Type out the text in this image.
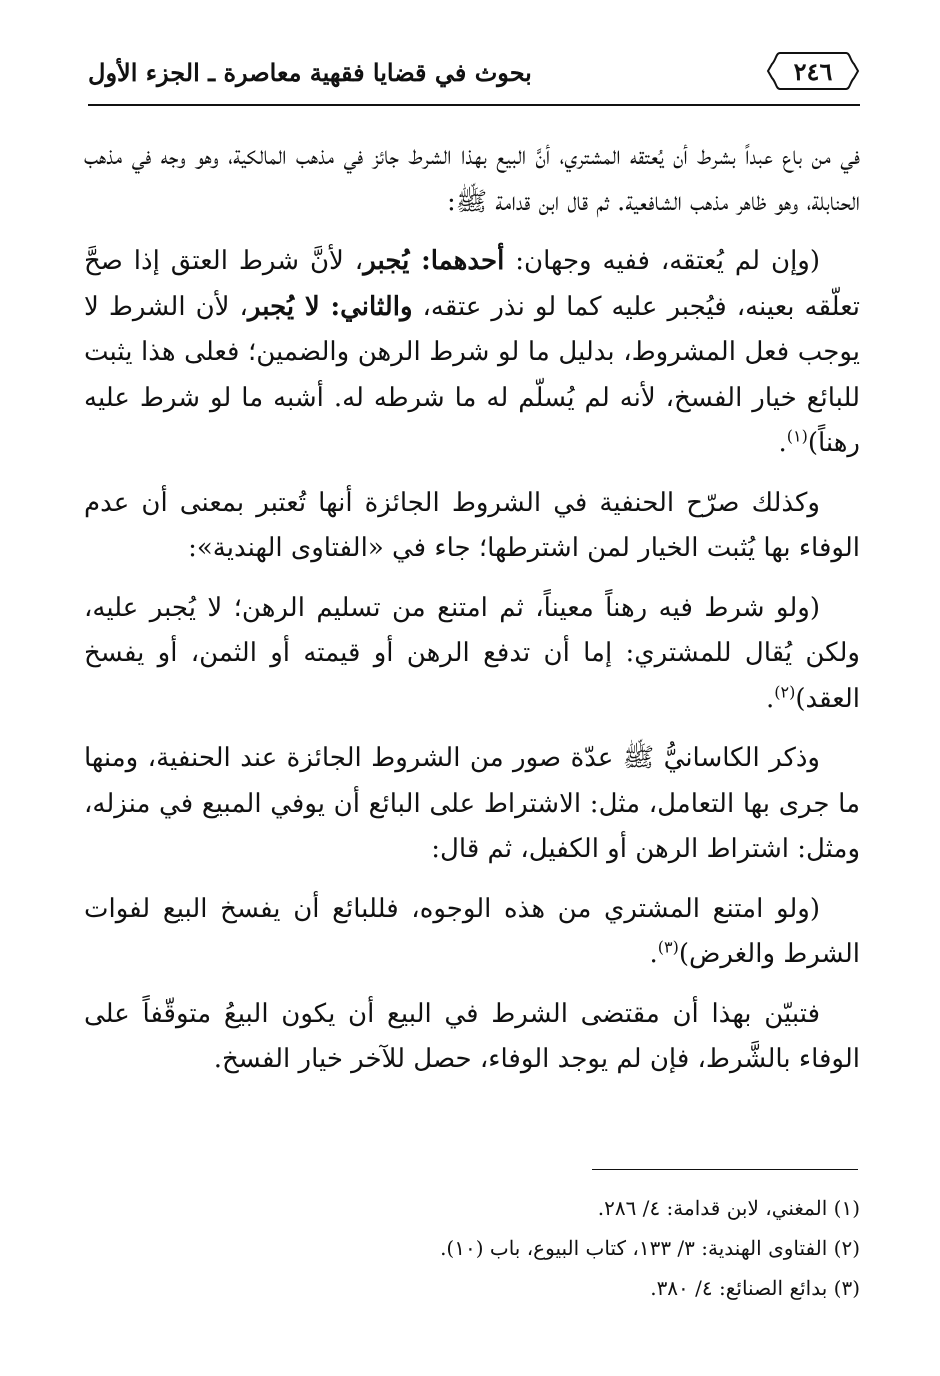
بحوث في قضايا فقهية معاصرة ـ الجزء الأول	٢٤٦

في من باع عبداً بشرط أن يُعتقه المشتري، أنَّ البيع بهذا الشرط جائز في مذهب المالكية، وهو وجه في مذهب الحنابلة، وهو ظاهر مذهب الشافعية. ثم قال ابن قدامة ﷺ:

(وإن لم يُعتقه، ففيه وجهان: أحدهما: يُجبر، لأنَّ شرط العتق إذا صحَّ تعلّقه بعينه، فيُجبر عليه كما لو نذر عتقه، والثاني: لا يُجبر، لأن الشرط لا يوجب فعل المشروط، بدليل ما لو شرط الرهن والضمين؛ فعلى هذا يثبت للبائع خيار الفسخ، لأنه لم يُسلّم له ما شرطه له. أشبه ما لو شرط عليه رهناً)$^{(١)}$.

وكذلك صرّح الحنفية في الشروط الجائزة أنها تُعتبر بمعنى أن عدم الوفاء بها يُثبت الخيار لمن اشترطها؛ جاء في «الفتاوى الهندية»:

(ولو شرط فيه رهناً معيناً، ثم امتنع من تسليم الرهن؛ لا يُجبر عليه، ولكن يُقال للمشتري: إما أن تدفع الرهن أو قيمته أو الثمن، أو يفسخ العقد)$^{(٢)}$.

وذكر الكاسانيُّ ﷺ عدّة صور من الشروط الجائزة عند الحنفية، ومنها ما جرى بها التعامل، مثل: الاشتراط على البائع أن يوفي المبيع في منزله، ومثل: اشتراط الرهن أو الكفيل، ثم قال:

(ولو امتنع المشتري من هذه الوجوه، فللبائع أن يفسخ البيع لفوات الشرط والغرض)$^{(٣)}$.

فتبيّن بهذا أن مقتضى الشرط في البيع أن يكون البيعُ متوقّفاً على الوفاء بالشَّرط، فإن لم يوجد الوفاء، حصل للآخر خيار الفسخ.

(١) المغني، لابن قدامة: ٤/ ٢٨٦.

(٢) الفتاوى الهندية: ٣/ ١٣٣، كتاب البيوع، باب (١٠).

(٣) بدائع الصنائع: ٤/ ٣٨٠.
